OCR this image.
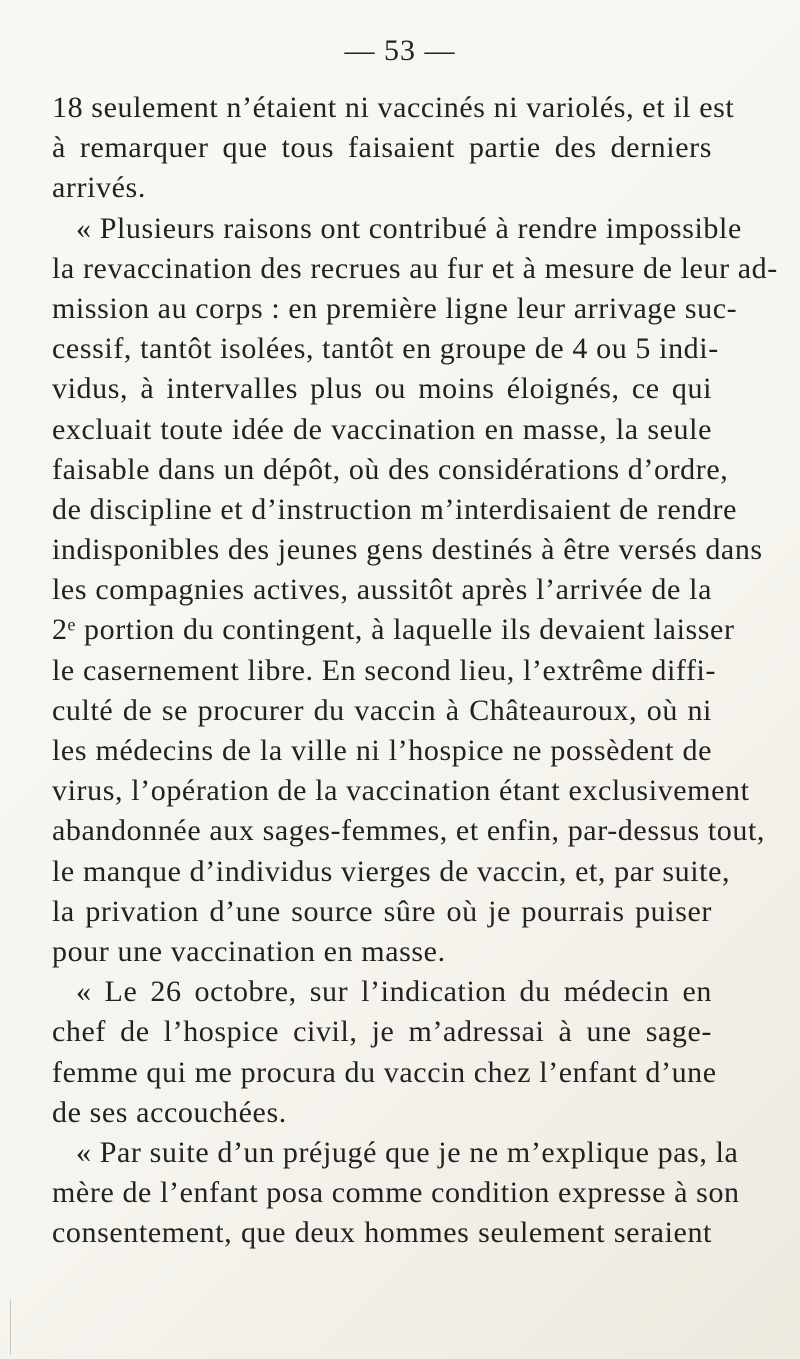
— 53 —
18 seulement n’étaient ni vaccinés ni variolés, et il est
à remarquer que tous faisaient partie des derniers
arrivés.
« Plusieurs raisons ont contribué à rendre impossible
la revaccination des recrues au fur et à mesure de leur ad-
mission au corps : en première ligne leur arrivage suc-
cessif, tantôt isolées, tantôt en groupe de 4 ou 5 indi-
vidus, à intervalles plus ou moins éloignés, ce qui
excluait toute idée de vaccination en masse, la seule
faisable dans un dépôt, où des considérations d’ordre,
de discipline et d’instruction m’interdisaient de rendre
indisponibles des jeunes gens destinés à être versés dans
les compagnies actives, aussitôt après l’arrivée de la
2ᵉ portion du contingent, à laquelle ils devaient laisser
le casernement libre. En second lieu, l’extrême diffi-
culté de se procurer du vaccin à Châteauroux, où ni
les médecins de la ville ni l’hospice ne possèdent de
virus, l’opération de la vaccination étant exclusivement
abandonnée aux sages-femmes, et enfin, par-dessus tout,
le manque d’individus vierges de vaccin, et, par suite,
la privation d’une source sûre où je pourrais puiser
pour une vaccination en masse.
« Le 26 octobre, sur l’indication du médecin en
chef de l’hospice civil, je m’adressai à une sage-
femme qui me procura du vaccin chez l’enfant d’une
de ses accouchées.
« Par suite d’un préjugé que je ne m’explique pas, la
mère de l’enfant posa comme condition expresse à son
consentement, que deux hommes seulement seraient
